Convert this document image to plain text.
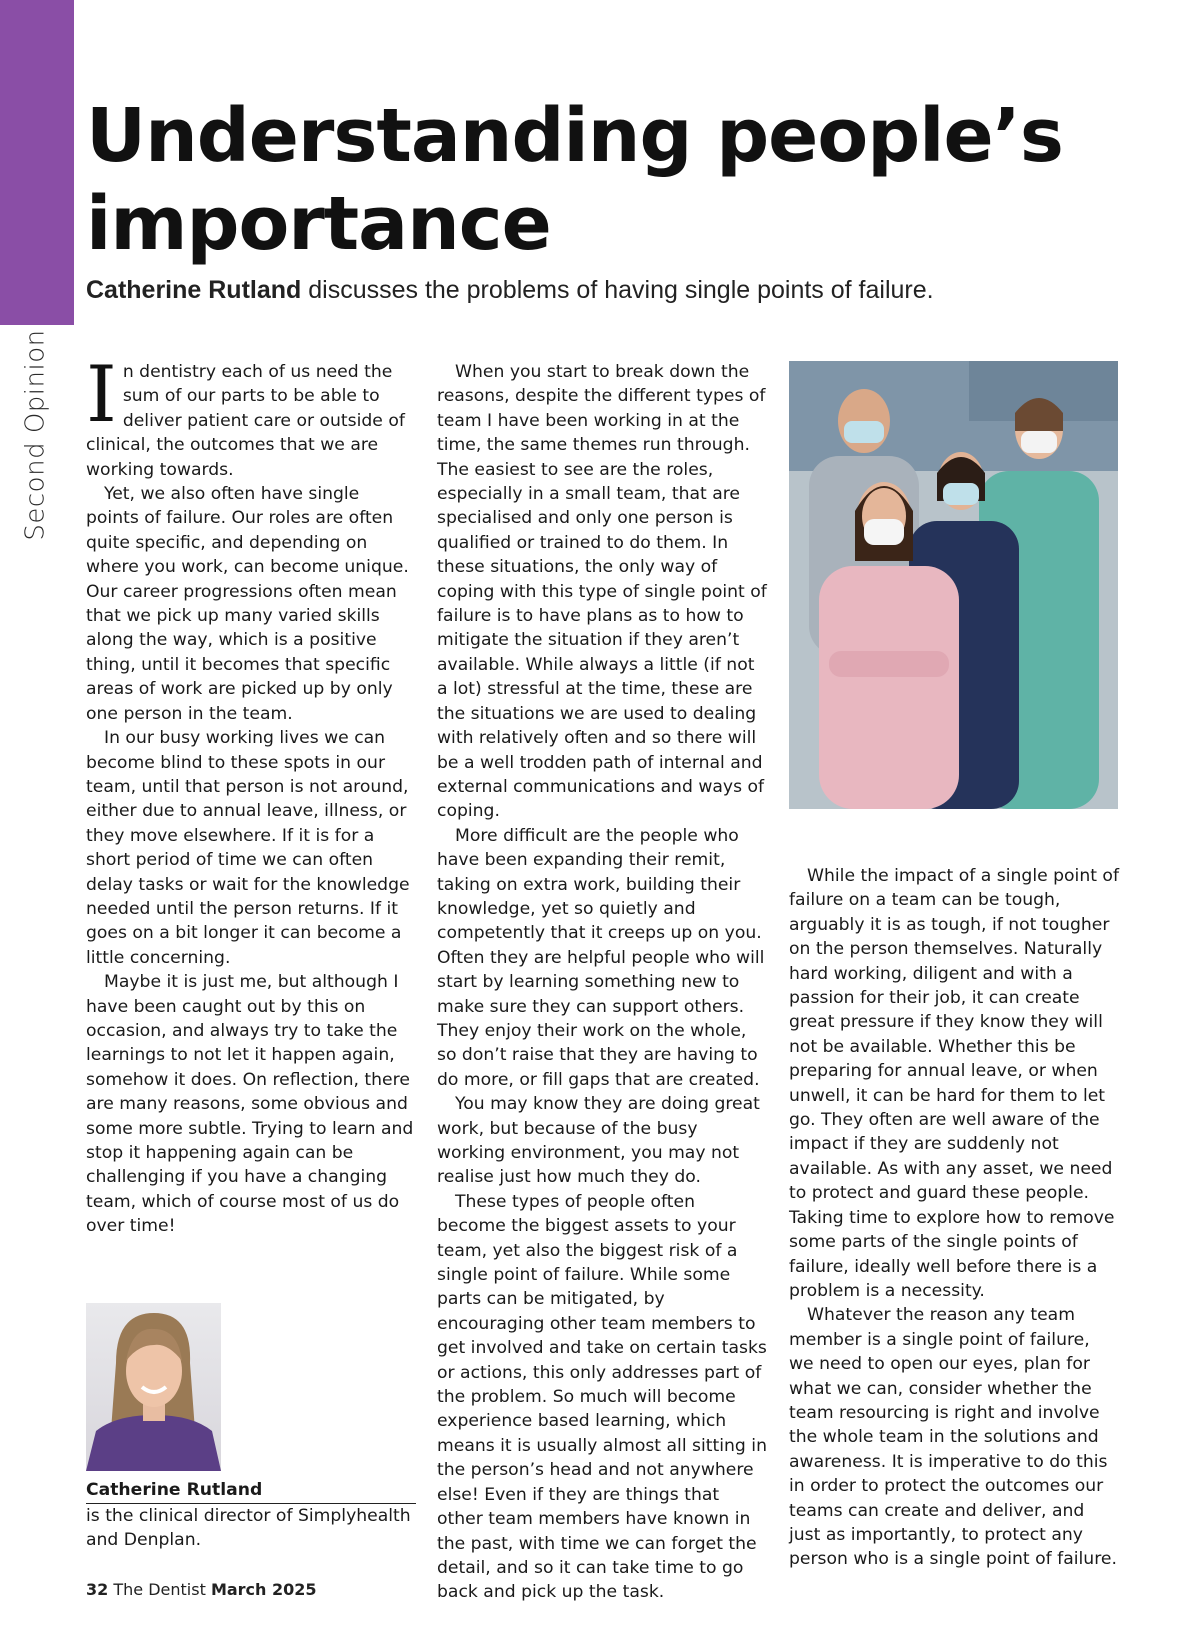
Second Opinion
Understanding people’s importance
Catherine Rutland discusses the problems of having single points of failure.

In dentistry each of us need the sum of our parts to be able to deliver patient care or outside of clinical, the outcomes that we are working towards.

Yet, we also often have single points of failure. Our roles are often quite specific, and depending on where you work, can become unique. Our career progressions often mean that we pick up many varied skills along the way, which is a positive thing, until it becomes that specific areas of work are picked up by only one person in the team.

In our busy working lives we can become blind to these spots in our team, until that person is not around, either due to annual leave, illness, or they move elsewhere. If it is for a short period of time we can often delay tasks or wait for the knowledge needed until the person returns. If it goes on a bit longer it can become a little concerning.

Maybe it is just me, but although I have been caught out by this on occasion, and always try to take the learnings to not let it happen again, somehow it does. On reflection, there are many reasons, some obvious and some more subtle. Trying to learn and stop it happening again can be challenging if you have a changing team, which of course most of us do over time!

When you start to break down the reasons, despite the different types of team I have been working in at the time, the same themes run through. The easiest to see are the roles, especially in a small team, that are specialised and only one person is qualified or trained to do them. In these situations, the only way of coping with this type of single point of failure is to have plans as to how to mitigate the situation if they aren’t available. While always a little (if not a lot) stressful at the time, these are the situations we are used to dealing with relatively often and so there will be a well trodden path of internal and external communications and ways of coping.

More difficult are the people who have been expanding their remit, taking on extra work, building their knowledge, yet so quietly and competently that it creeps up on you. Often they are helpful people who will start by learning something new to make sure they can support others. They enjoy their work on the whole, so don’t raise that they are having to do more, or fill gaps that are created.

You may know they are doing great work, but because of the busy working environment, you may not realise just how much they do.

These types of people often become the biggest assets to your team, yet also the biggest risk of a single point of failure. While some parts can be mitigated, by encouraging other team members to get involved and take on certain tasks or actions, this only addresses part of the problem. So much will become experience based learning, which means it is usually almost all sitting in the person’s head and not anywhere else! Even if they are things that other team members have known in the past, with time we can forget the detail, and so it can take time to go back and pick up the task.

While the impact of a single point of failure on a team can be tough, arguably it is as tough, if not tougher on the person themselves. Naturally hard working, diligent and with a passion for their job, it can create great pressure if they know they will not be available. Whether this be preparing for annual leave, or when unwell, it can be hard for them to let go. They often are well aware of the impact if they are suddenly not available. As with any asset, we need to protect and guard these people. Taking time to explore how to remove some parts of the single points of failure, ideally well before there is a problem is a necessity.

Whatever the reason any team member is a single point of failure, we need to open our eyes, plan for what we can, consider whether the team resourcing is right and involve the whole team in the solutions and awareness. It is imperative to do this in order to protect the outcomes our teams can create and deliver, and just as importantly, to protect any person who is a single point of failure.

Catherine Rutland
is the clinical director of Simplyhealth and Denplan.
32 The Dentist March 2025
